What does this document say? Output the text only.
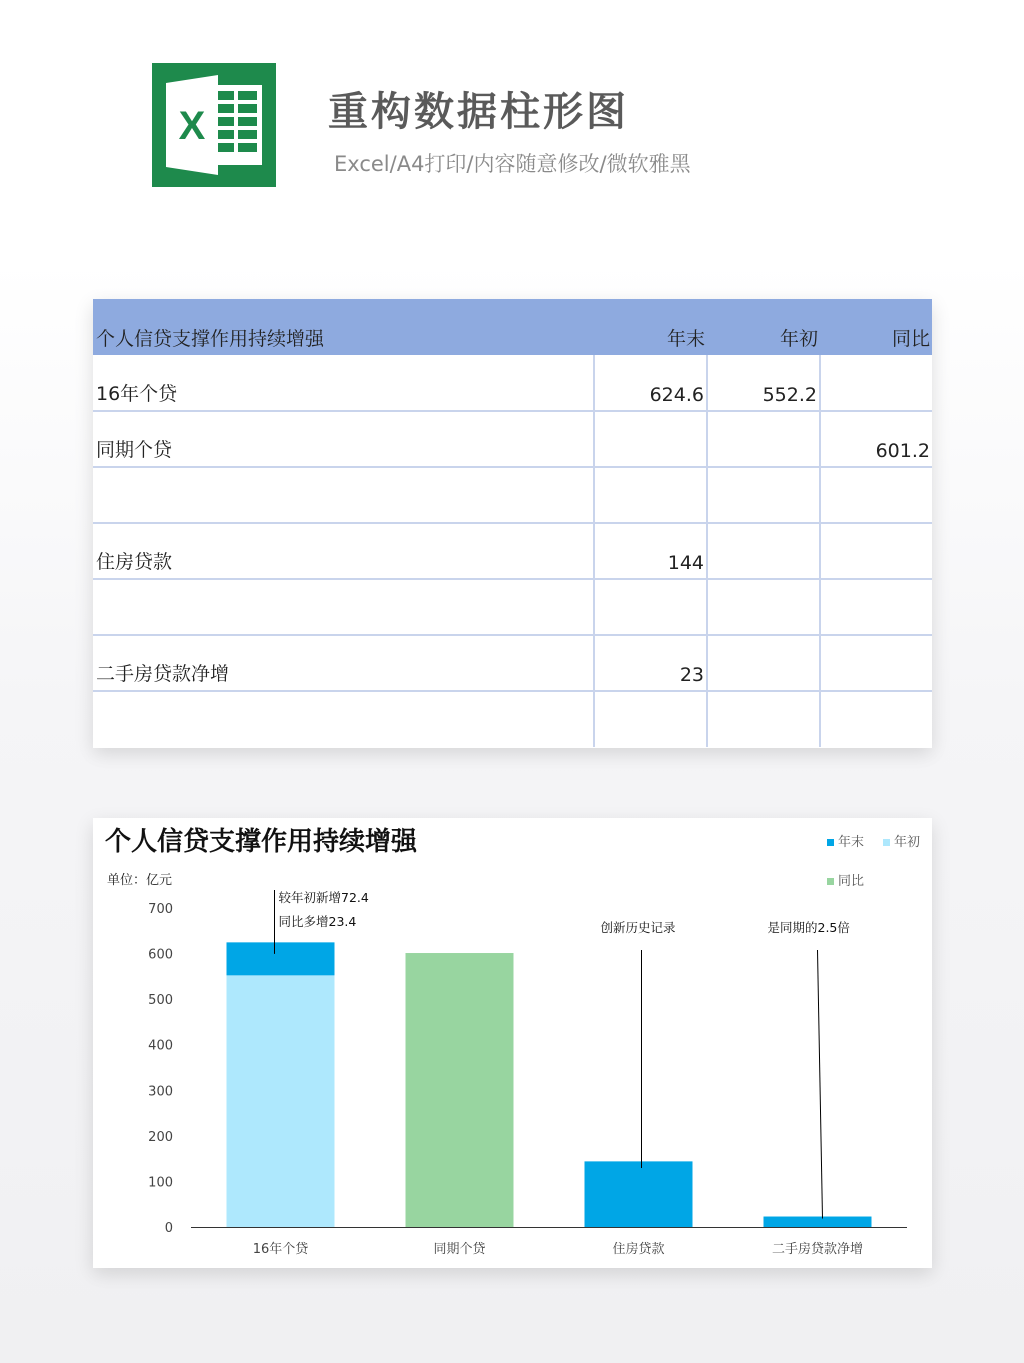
X	重构数据柱形图
Excel/A4打印/内容随意修改/微软雅黑
个人信贷支撑作用持续增强	年末	年初	同比
16年个贷	624.6	552.2	
同期个贷			601.2

住房贷款	144		

二手房贷款净增	23		

个人信贷支撑作用持续增强
单位：亿元
年末 年初
同比
0
100
200
300
400
500
600
700
16年个贷	同期个贷	住房贷款	二手房贷款净增
较年初新增72.4
同比多增23.4	创新历史记录	是同期的2.5倍
